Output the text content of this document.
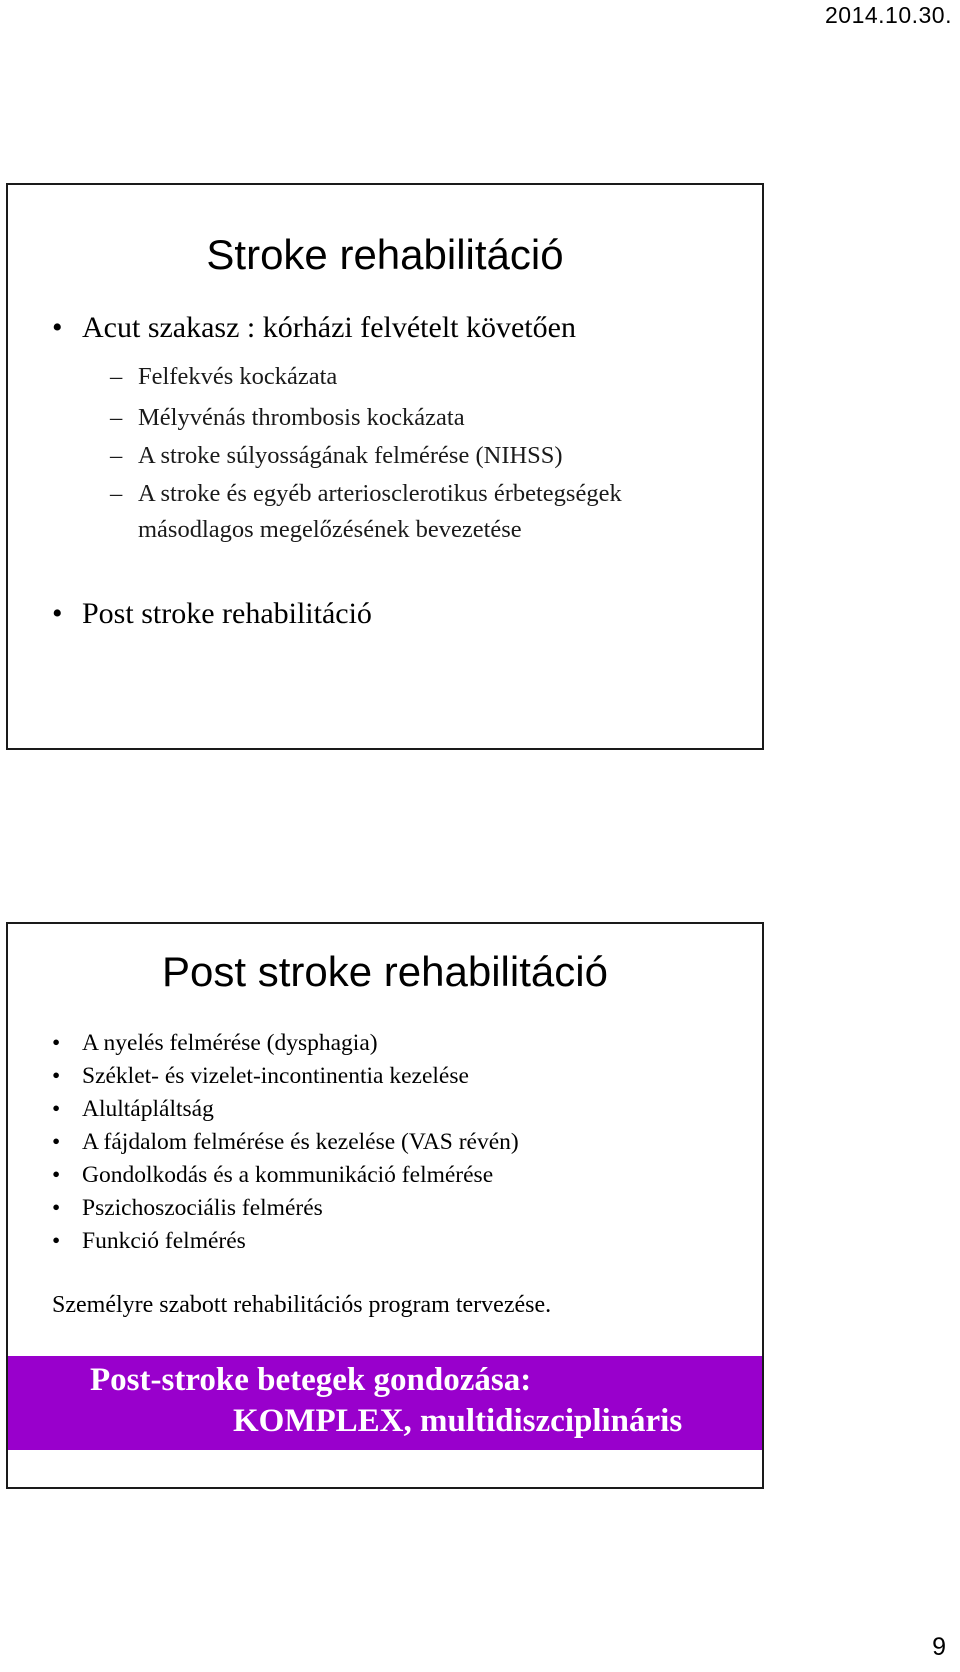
2014.10.30.
Stroke rehabilitáció
• Acut szakasz : kórházi felvételt követően
– Felfekvés kockázata
– Mélyvénás thrombosis kockázata
– A stroke súlyosságának felmérése (NIHSS)
– A stroke és egyéb arteriosclerotikus érbetegségek
másodlagos megelőzésének bevezetése
• Post stroke rehabilitáció
Post stroke rehabilitáció
• A nyelés felmérése (dysphagia)
• Széklet- és vizelet-incontinentia kezelése
• Alultápláltság
• A fájdalom felmérése és kezelése (VAS révén)
• Gondolkodás és a kommunikáció felmérése
• Pszichoszociális felmérés
• Funkció felmérés
Személyre szabott rehabilitációs program tervezése.
Post-stroke betegek gondozása:
KOMPLEX, multidiszciplináris
9
